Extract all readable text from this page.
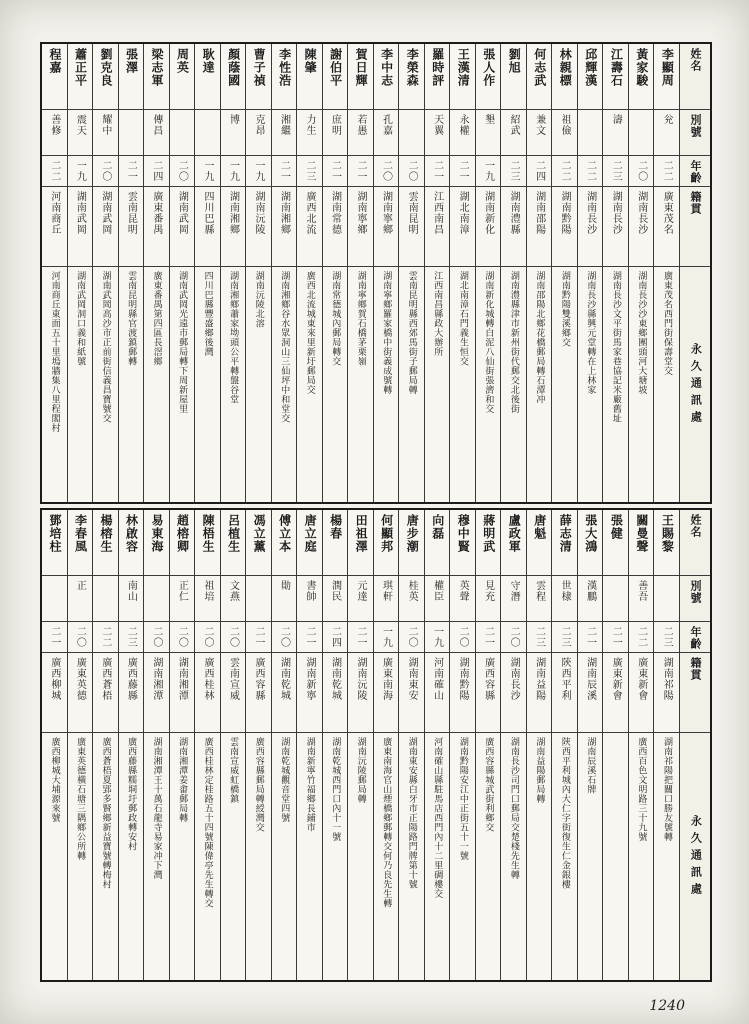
程嘉
善修
二二
河南商丘
河南商丘東面五十里塢牆集八里程閣村
蕭正平
震天
一九
湖南武岡
湖南武岡洞口義和紙號
劉克良
耀中
二〇
湖南武岡
湖南武岡高沙市正前街信義昌寶號交
張澤
二一
雲南昆明
雲南昆明縣官渡鎮郵轉
梁志軍
傳昌
二四
廣東番禺
廣東番禺第四區長滘鄉
周英
二〇
湖南武岡
湖南武岡光遠市郵局轉下周新屋里
耿達
一九
四川巴縣
四川巴縣豐盛鄉後灣
顏蔭國
博
一九
湖南湘鄉
湖南湘鄉蕭家坳頭公平轉盤谷堂
曹子禎
克昂
一九
湖南沅陵
湖南沅陵北溶
李性浩
湘繼
二一
湖南湘鄉
湖南湘鄉谷水眾洞山三仙坪中和堂交
陳肇
力生
二三
廣西北流
廣西北流城東來里新圩郵局交
謝伯平
庶明
二一
湖南常德
湖南常德城內郵局轉交
賀日輝
若愚
二一
湖南寧鄉
湖南寧鄉賀石橋茅栗嶺
李中志
孔嘉
二〇
湖南寧鄉
湖南寧鄉羅家橋中街義成號轉
李榮森
二〇
雲南昆明
雲南昆明縣西郊馬街子郵局轉
羅時評
天翼
二一
江西南昌
江西南昌縣政大辦所
王漢清
永權
二一
湖北南漳
湖北南漳石門義生恒交
張人作
墾
一九
湖南新化
湖南新化城轉白泥八仙街張濟和交
劉旭
紹武
二三
湖南澧縣
湖南澧縣津市新州街代郵交北後街
何志武
兼文
二四
湖南邵陽
湖南邵陽北鄉花橋郵局轉石潭冲
林親標
祖儉
二二
湖南黔陽
湖南黔陽雙溪鄉交
邱輝漢
二二
湖南長沙
湖南長沙縣興元堂轉在上林家
江壽石
濤
二三
湖南長沙
湖南長沙文平街馬家巷協記米廠舊址
黃家駿
二〇
湖南長沙
湖南長沙沙東鄉團頭河大塘坡
李顯周
兊
二二
廣東茂名
廣東茂名西門街保壽堂交
姓名
別號
年齡
籍貫
永久通訊處
鄧培柱
二一
廣西柳城
廣西柳城大埔源來號
李春風
正
二〇
廣東英德
廣東英德橫石塘三隅鄉公所轉
楊榕生
二二
廣西蒼梧
廣西蒼梧夏郢多賢鄉新益寶號轉梅村
林啟容
南山
二三
廣西藤縣
廣西藤縣糯垌圩郵政轉安村
易東海
二〇
湖南湘潭
湖南湘潭王十萬石龍寺易家冲下灣
趙榕卿
正仁
二〇
湖南湘潭
湖南湘潭姜畬郵局轉
陳梧生
祖培
二〇
廣西桂林
廣西桂林定桂路五十四號陳偉亭先生轉交
呂植生
文燕
二〇
雲南宣威
雲南宣威虹橋鎮
馮立薰
二一
廣西容縣
廣西容縣郵局轉綬灣交
傅立本
勛
二〇
湖南乾城
湖南乾城觀音堂四號
唐立庭
書帥
二一
湖南新寧
湖南新寧竹福鄉長鋪市
楊春
潤民
二四
湖南乾城
湖南乾城西門口內十一號
田祖澤
元達
二一
湖南沅陵
湖南沅陵郵局轉
何顯邦
琪軒
一九
廣東南海
廣東南海官山煙橋鄉郵轉交何乃良先生轉
唐步潮
桂英
二〇
湖南東安
湖南東安縣白牙市正陽路門牌第十號
向磊
權臣
一九
河南確山
河南確山縣駐馬店西門內十二里碉樓交
穆中賢
英聲
二〇
湖南黔陽
湖南黔陽安江中正街五十一號
蔣明武
見充
二一
廣西容縣
廣西容縣城武街利鄉交
盧政軍
守潛
二〇
湖南長沙
湖南長沙司門口郵局交楚棧先生轉
唐魁
雲程
二三
湖南益陽
湖南益陽郵局轉
薛志清
世棣
二三
陝西平利
陝西平利城內大仁字街復生仁金銀樓
張大鴻
漢鵬
二一
湖南辰溪
湖南辰溪石牌
張健
二一
廣東新會
關曼聲
善吾
二二
廣東新會
廣西百色文明路三十九號
王賜黎
二三
湖南祁陽
湖南祁陽把關口勝友號轉
姓名
別號
年齡
籍貫
永久通訊處
1240
